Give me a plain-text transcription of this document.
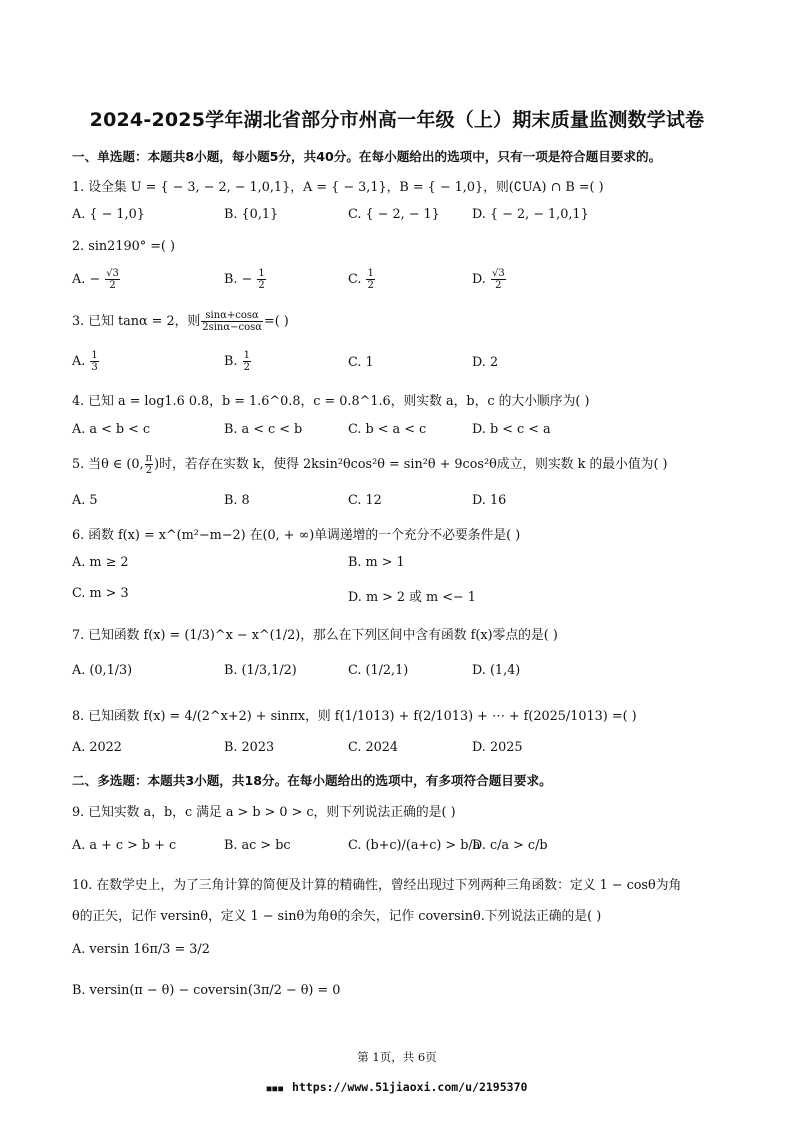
2024-2025学年湖北省部分市州高一年级（上）期末质量监测数学试卷
一、单选题：本题共8小题，每小题5分，共40分。在每小题给出的选项中，只有一项是符合题目要求的。
1. 设全集 U = { − 3, − 2, − 1,0,1}，A = { − 3,1}，B = { − 1,0}，则(∁UA) ∩ B =( )
A. { − 1,0}	B. {0,1}	C. { − 2, − 1}	D. { − 2, − 1,0,1}
2. sin2190° =( )
A. − $\frac{√3}{2}$	B. − $\frac{1}{2}$	C. $\frac{1}{2}$	D. $\frac{√3}{2}$
3. 已知 tanα = 2，则 $\frac{\sin\alpha+\cos\alpha}{2\sin\alpha-\cos\alpha}$ =( )
A. $\frac{1}{3}$	B. $\frac{1}{2}$	C. 1	D. 2
4. 已知 a = log1.6 0.8，b = 1.6^0.8，c = 0.8^1.6，则实数 a，b，c 的大小顺序为( )
A. a < b < c	B. a < c < b	C. b < a < c	D. b < c < a
5. 当θ ∈ (0, $\frac{\pi}{2}$ )时，若存在实数 k，使得 2ksin²θcos²θ = sin²θ + 9cos²θ成立，则实数 k 的最小值为( )
A. 5	B. 8	C. 12	D. 16
6. 函数 f(x) = x^(m²−m−2) 在(0, + ∞)单调递增的一个充分不必要条件是( )
A. m ≥ 2	B. m > 1
C. m > 3	D. m > 2 或 m <− 1
7. 已知函数 f(x) = (1/3)^x − x^(1/2)，那么在下列区间中含有函数 f(x)零点的是( )
A. (0,1/3)	B. (1/3,1/2)	C. (1/2,1)	D. (1,4)
8. 已知函数 f(x) = 4/(2^x+2) + sinπx，则 f(1/1013) + f(2/1013) + ⋯ + f(2025/1013) =( )
A. 2022	B. 2023	C. 2024	D. 2025
二、多选题：本题共3小题，共18分。在每小题给出的选项中，有多项符合题目要求。
9. 已知实数 a，b，c 满足 a > b > 0 > c，则下列说法正确的是( )
A. a + c > b + c	B. ac > bc	C. (b+c)/(a+c) > b/a
D. c/a > c/b
10. 在数学史上，为了三角计算的简便及计算的精确性，曾经出现过下列两种三角函数：定义 1 − cosθ为角
θ的正矢，记作 versinθ，定义 1 − sinθ为角θ的余矢，记作 coversinθ.下列说法正确的是( )
A. versin 16π/3 = 3/2
B. versin(π − θ) − coversin(3π/2 − θ) = 0
第 1页，共 6页
■■■ https://www.51jiaoxi.com/u/2195370
